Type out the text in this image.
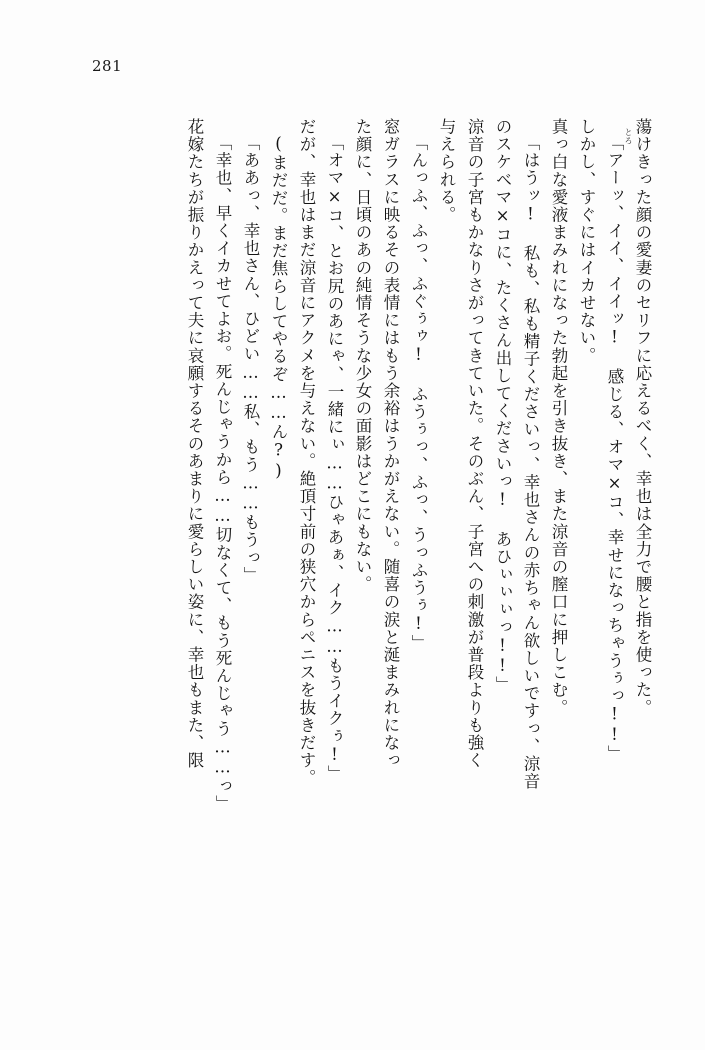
281
とろ 蕩けきった顔の愛妻のセリフに応えるべく、幸也は全力で腰と指を使った。
「アーッ、イイ、イイッ! 感じる、オマ×コ、幸せになっちゃうぅっ!!」
しかし、すぐにはイカせない。
真っ白な愛液まみれになった勃起を引き抜き、また涼音の膣口に押しこむ。
「はうッ! 私も、私も精子くださいっ、幸也さんの赤ちゃん欲しいですっ、涼音
のスケベマ×コに、たくさん出してくださいっ! あひぃぃぃっ!!」
涼音の子宮もかなりさがってきていた。そのぶん、子宮への刺激が普段よりも強く
与えられる。
「んっふ、ふっ、ふぐぅゥ! ふうぅっ、ふっ、うっふうぅ!」
窓ガラスに映るその表情にはもう余裕はうかがえない。随喜の涙と涎まみれになっ
た顔に、日頃のあの純情そうな少女の面影はどこにもない。
「オマ×コ、とお尻のあにゃ、一緒にぃ……ひゃあぁ、イク……もうイクぅ!」
だが、幸也はまだ涼音にアクメを与えない。絶頂寸前の狭穴からペニスを抜きだす。
(まだだ。まだ焦らしてやるぞ……ん?)
「ああっ、幸也さん、ひどい……私、もう……もうっ」
「幸也、早くイカせてよお。死んじゃうから……切なくて、もう死んじゃう……っ」
花嫁たちが振りかえって夫に哀願するそのあまりに愛らしい姿に、幸也もまた、限
